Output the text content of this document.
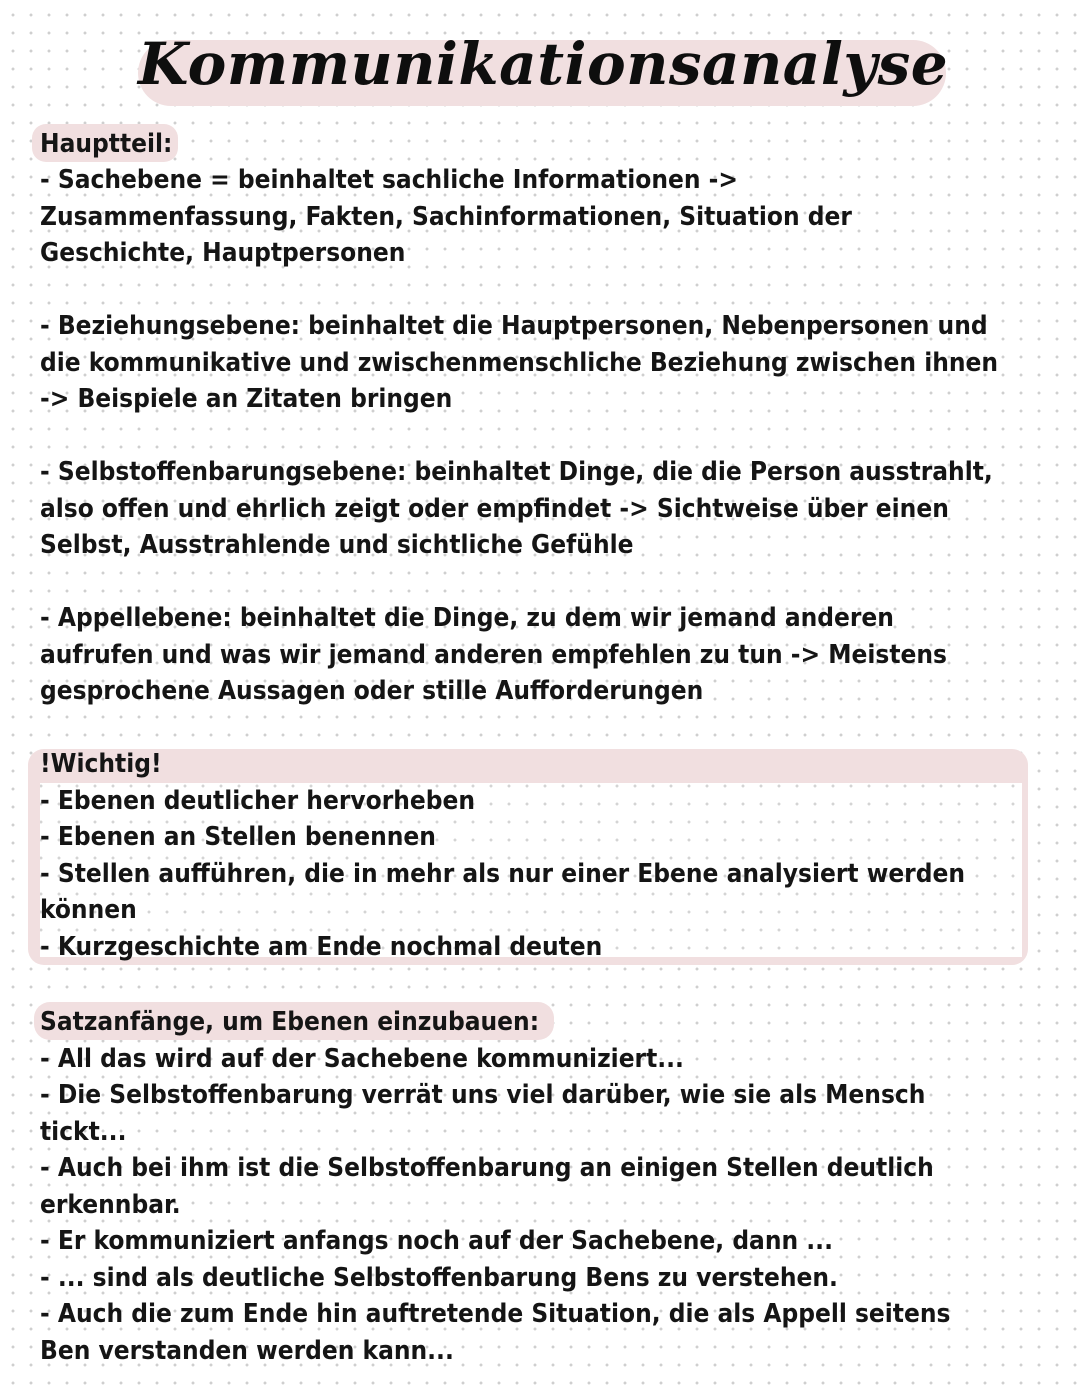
Kommunikationsanalyse
Hauptteil:
- Sachebene = beinhaltet sachliche Informationen ->
Zusammenfassung, Fakten, Sachinformationen, Situation der
Geschichte, Hauptpersonen
- Beziehungsebene: beinhaltet die Hauptpersonen, Nebenpersonen und
die kommunikative und zwischenmenschliche Beziehung zwischen ihnen
-> Beispiele an Zitaten bringen
- Selbstoffenbarungsebene: beinhaltet Dinge, die die Person ausstrahlt,
also offen und ehrlich zeigt oder empfindet -> Sichtweise über einen
Selbst, Ausstrahlende und sichtliche Gefühle
- Appellebene: beinhaltet die Dinge, zu dem wir jemand anderen
aufrufen und was wir jemand anderen empfehlen zu tun -> Meistens
gesprochene Aussagen oder stille Aufforderungen
!Wichtig!
- Ebenen deutlicher hervorheben
- Ebenen an Stellen benennen
- Stellen aufführen, die in mehr als nur einer Ebene analysiert werden
können
- Kurzgeschichte am Ende nochmal deuten
Satzanfänge, um Ebenen einzubauen:
- All das wird auf der Sachebene kommuniziert...
- Die Selbstoffenbarung verrät uns viel darüber, wie sie als Mensch
tickt...
- Auch bei ihm ist die Selbstoffenbarung an einigen Stellen deutlich
erkennbar.
- Er kommuniziert anfangs noch auf der Sachebene, dann ...
- ... sind als deutliche Selbstoffenbarung Bens zu verstehen.
- Auch die zum Ende hin auftretende Situation, die als Appell seitens
Ben verstanden werden kann...
